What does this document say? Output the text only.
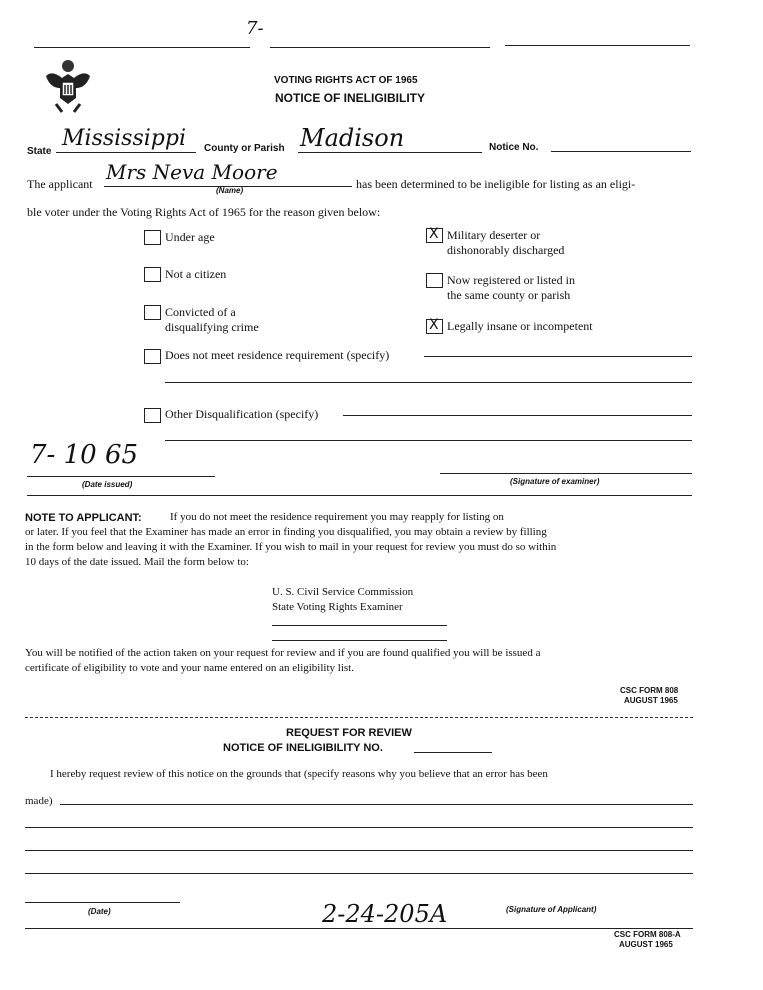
7-
VOTING RIGHTS ACT OF 1965
NOTICE OF INELIGIBILITY
State
Mississippi County or Parish Madison	Notice No.
The applicant Mrs Neva Moore
(Name)	has been determined to be ineligible for listing as an eligi-
ble voter under the Voting Rights Act of 1965 for the reason given below:
Under age
Not a citizen
Convicted of a
disqualifying crime
X
Military deserter or
dishonorably discharged
Now registered or listed in
the same county or parish
X
Legally insane or incompetent
Does not meet residence requirement (specify)
Other Disqualification (specify)
7- 10 65
(Date issued)	(Signature of examiner)
NOTE TO APPLICANT:	If you do not meet the residence requirement you may reapply for listing on
or later. If you feel that the Examiner has made an error in finding you disqualified, you may obtain a review by filling
in the form below and leaving it with the Examiner. If you wish to mail in your request for review you must do so within
10 days of the date issued. Mail the form below to:
U. S. Civil Service Commission
State Voting Rights Examiner
You will be notified of the action taken on your request for review and if you are found qualified you will be issued a
certificate of eligibility to vote and your name entered on an eligibility list.
CSC FORM 808
AUGUST 1965
REQUEST FOR REVIEW
NOTICE OF INELIGIBILITY NO.
I hereby request review of this notice on the grounds that (specify reasons why you believe that an error has been
made)
(Date)	2-24-205A	(Signature of Applicant)
CSC FORM 808-A
AUGUST 1965
